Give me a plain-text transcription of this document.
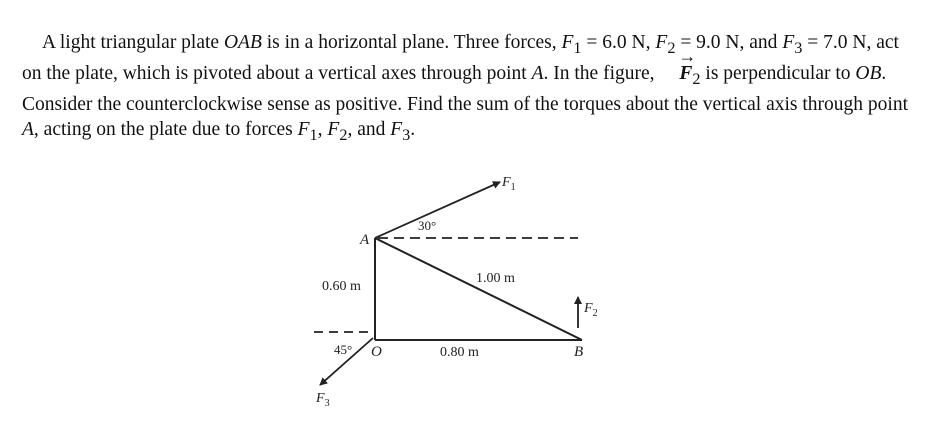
A light triangular plate OAB is in a horizontal plane. Three forces, $F_1 = 6.0$ N, $F_2 = 9.0$ N, and $F_3 = 7.0$ N, act on the plate, which is pivoted about a vertical axes through point A. In the figure, → $F_2$ is perpendicular to OB. Consider the counterclockwise sense as positive. Find the sum of the torques about the vertical axis through point A, acting on the plate due to forces $F_1$, $F_2$, and $F_3$.

A
O	B
$F_1$
$F_2$
$F_3$
30°
45°
0.60 m
1.00 m
0.80 m
